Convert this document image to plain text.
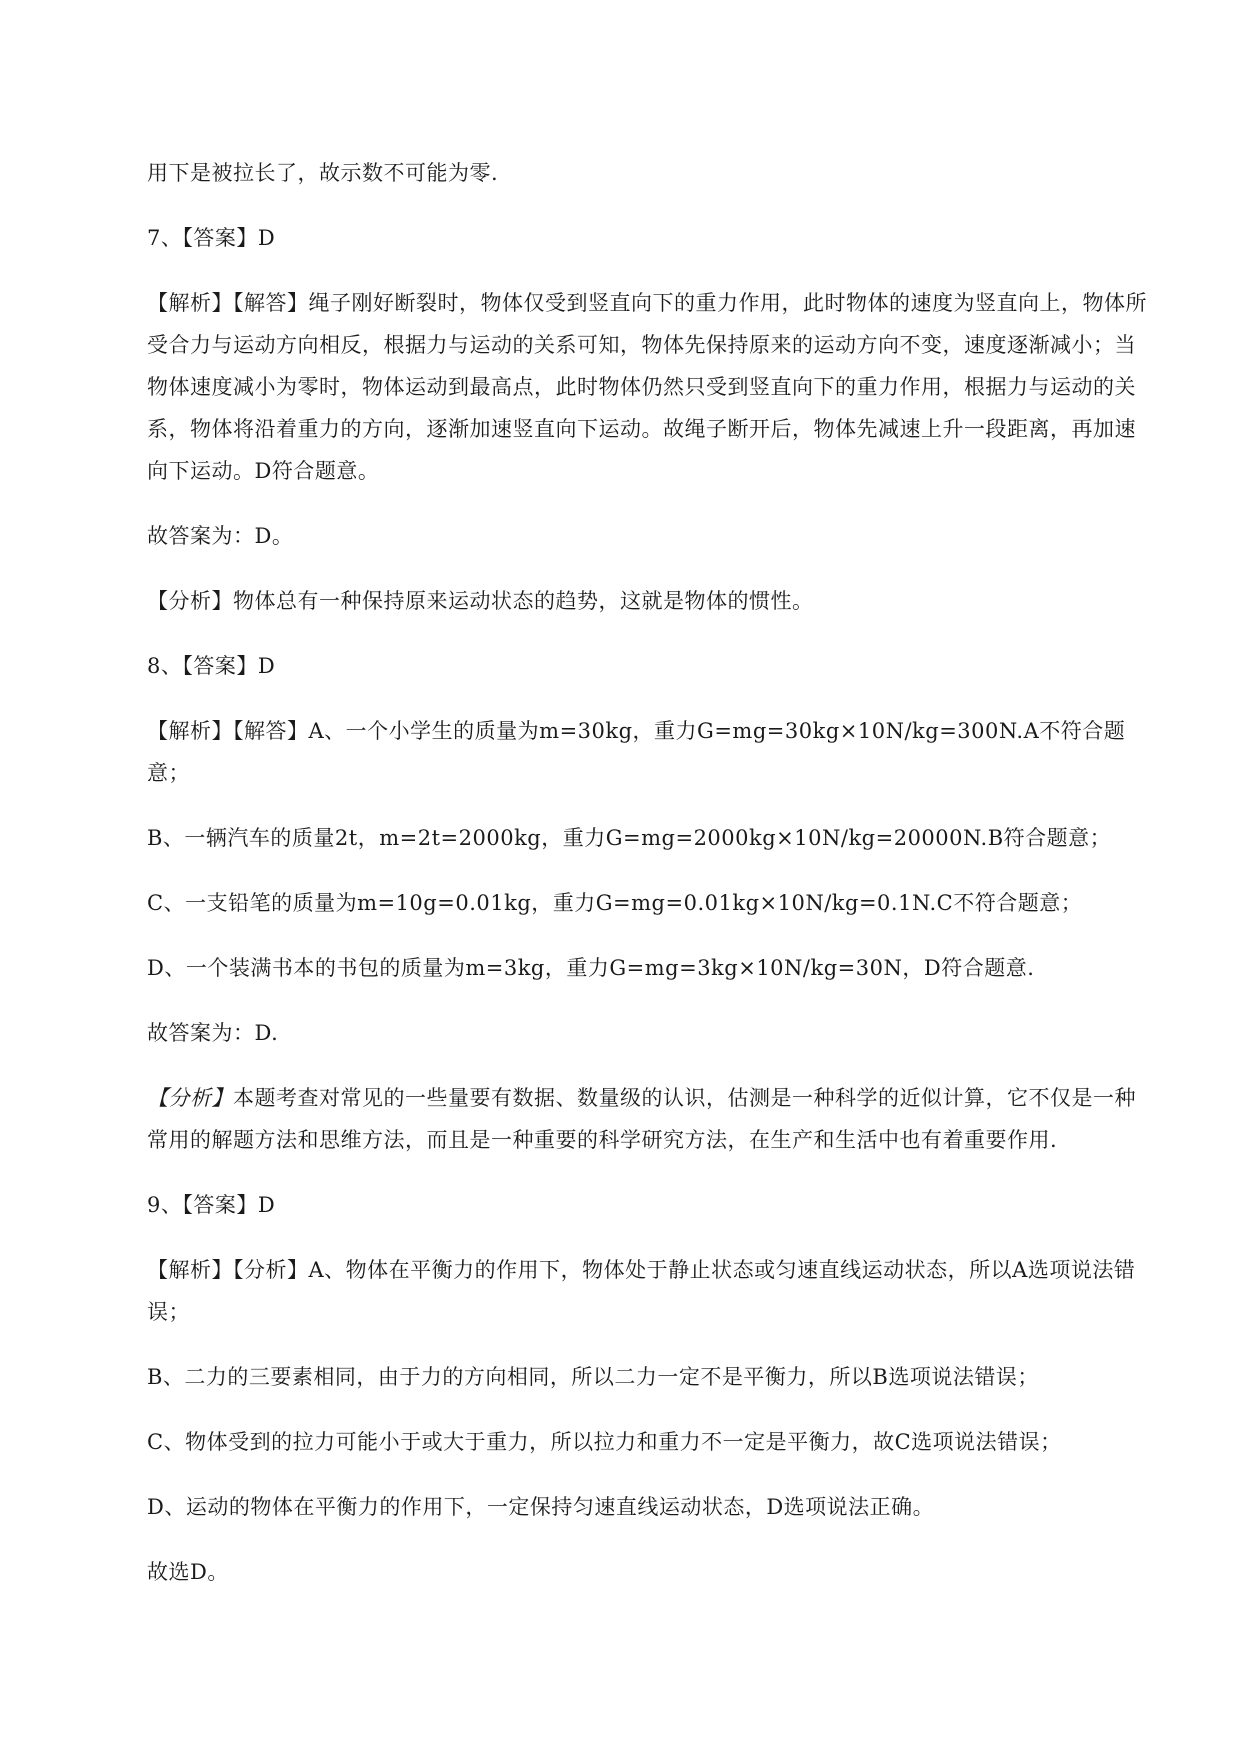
用下是被拉长了，故示数不可能为零.

7、【答案】D

【解析】【解答】绳子刚好断裂时，物体仅受到竖直向下的重力作用，此时物体的速度为竖直向上，物体所受合力与运动方向相反，根据力与运动的关系可知，物体先保持原来的运动方向不变，速度逐渐减小；当物体速度减小为零时，物体运动到最高点，此时物体仍然只受到竖直向下的重力作用，根据力与运动的关系，物体将沿着重力的方向，逐渐加速竖直向下运动。故绳子断开后，物体先减速上升一段距离，再加速向下运动。D符合题意。

故答案为：D。

【分析】物体总有一种保持原来运动状态的趋势，这就是物体的惯性。

8、【答案】D

【解析】【解答】A、一个小学生的质量为m=30kg，重力G=mg=30kg×10N/kg=300N.A不符合题意；

B、一辆汽车的质量2t，m=2t=2000kg，重力G=mg=2000kg×10N/kg=20000N.B符合题意；

C、一支铅笔的质量为m=10g=0.01kg，重力G=mg=0.01kg×10N/kg=0.1N.C不符合题意；

D、一个装满书本的书包的质量为m=3kg，重力G=mg=3kg×10N/kg=30N，D符合题意.

故答案为：D.

【分析】本题考查对常见的一些量要有数据、数量级的认识，估测是一种科学的近似计算，它不仅是一种常用的解题方法和思维方法，而且是一种重要的科学研究方法，在生产和生活中也有着重要作用.

9、【答案】D

【解析】【分析】A、物体在平衡力的作用下，物体处于静止状态或匀速直线运动状态，所以A选项说法错误；

B、二力的三要素相同，由于力的方向相同，所以二力一定不是平衡力，所以B选项说法错误；

C、物体受到的拉力可能小于或大于重力，所以拉力和重力不一定是平衡力，故C选项说法错误；

D、运动的物体在平衡力的作用下，一定保持匀速直线运动状态，D选项说法正确。

故选D。
